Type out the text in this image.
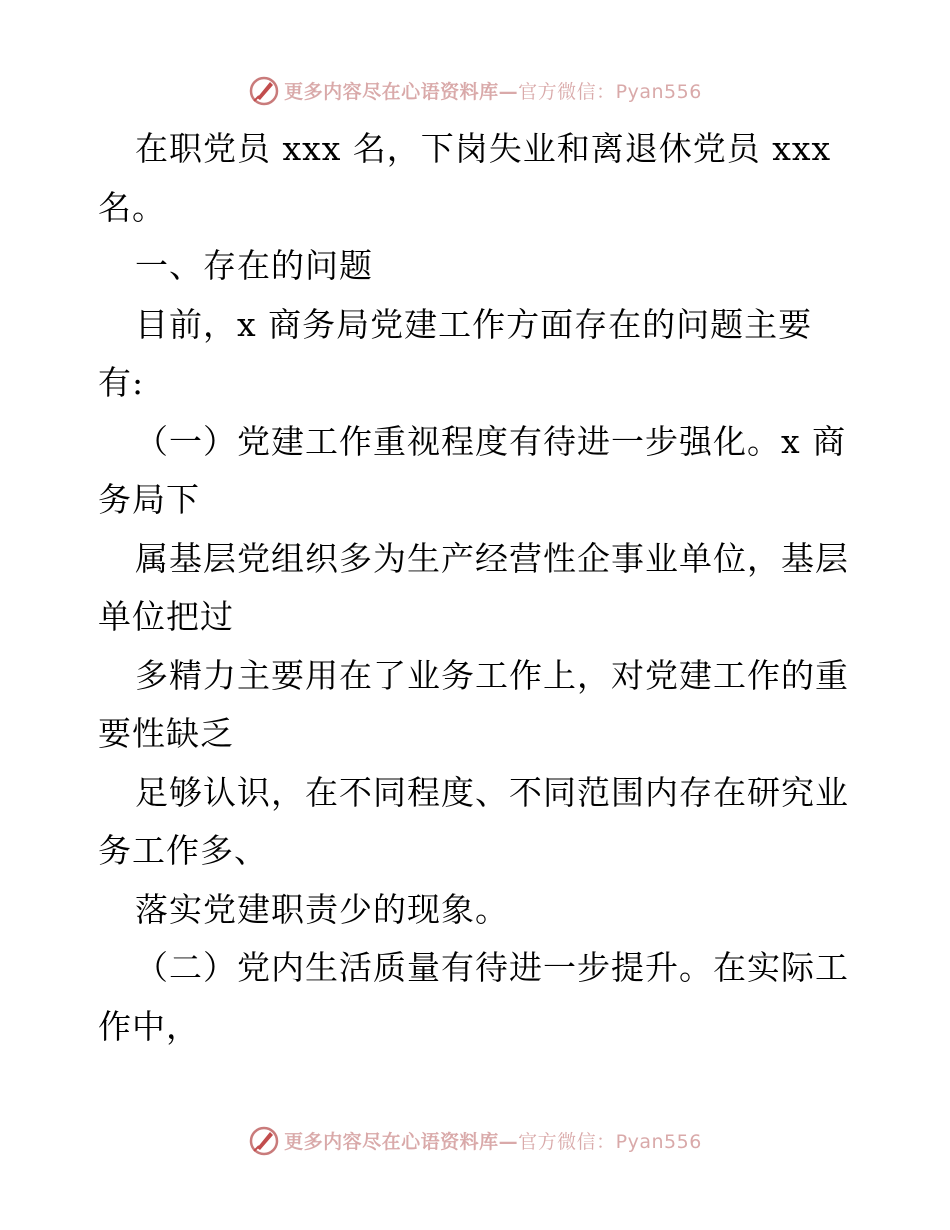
更多内容尽在心语资料库— 官方微信：Pyan556
在职党员 xxx 名，下岗失业和离退休党员 xxx
名。
一、存在的问题
目前，x 商务局党建工作方面存在的问题主要
有:
（一）党建工作重视程度有待进一步强化。x 商
务局下
属基层党组织多为生产经营性企事业单位，基层
单位把过
多精力主要用在了业务工作上，对党建工作的重
要性缺乏
足够认识，在不同程度、不同范围内存在研究业
务工作多、
落实党建职责少的现象。
（二）党内生活质量有待进一步提升。在实际工
作中，
更多内容尽在心语资料库— 官方微信：Pyan556
